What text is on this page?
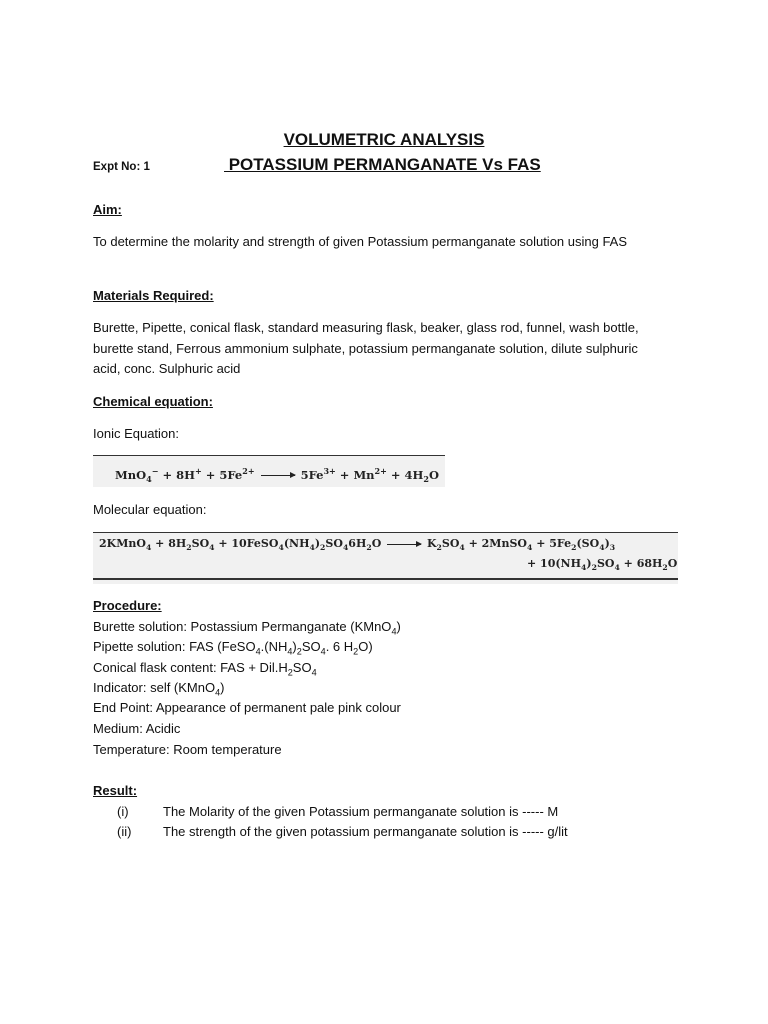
VOLUMETRIC ANALYSIS
Expt No: 1	POTASSIUM PERMANGANATE Vs FAS
Aim:
To determine the molarity and strength of given Potassium permanganate solution using FAS
Materials Required:
Burette, Pipette, conical flask, standard measuring flask, beaker, glass rod, funnel, wash bottle, burette stand, Ferrous ammonium sulphate, potassium permanganate solution, dilute sulphuric acid, conc. Sulphuric acid
Chemical equation:
Ionic Equation:
$MnO_4^- + 8H^+ + 5Fe^{2+} \to 5Fe^{3+} + Mn^{2+} + 4H_2O$
Molecular equation:
2KMnO$_4$ + $8H_2SO_4$ + $10FeSO_4(NH_4)_2SO_46H_2O \to K_2SO_4$ + 2MnSO$_4$ + $5Fe_2(SO_4)_3$
+ $10(NH_4)_2SO_4 + 68H_2O$
Procedure:
Burette solution: Postassium Permanganate (KMnO$_4$)
Pipette solution: FAS ($FeSO_4.(NH_4)_2SO_4$. 6 $H_2O$)
Conical flask content: FAS + $Dil.H_2SO_4$
Indicator: self (KMnO$_4$)
End Point: Appearance of permanent pale pink colour
Medium: Acidic
Temperature: Room temperature
Result:
(i)	The Molarity of the given Potassium permanganate solution is ----- M
(ii) The strength of the given potassium permanganate solution is ----- g/lit
